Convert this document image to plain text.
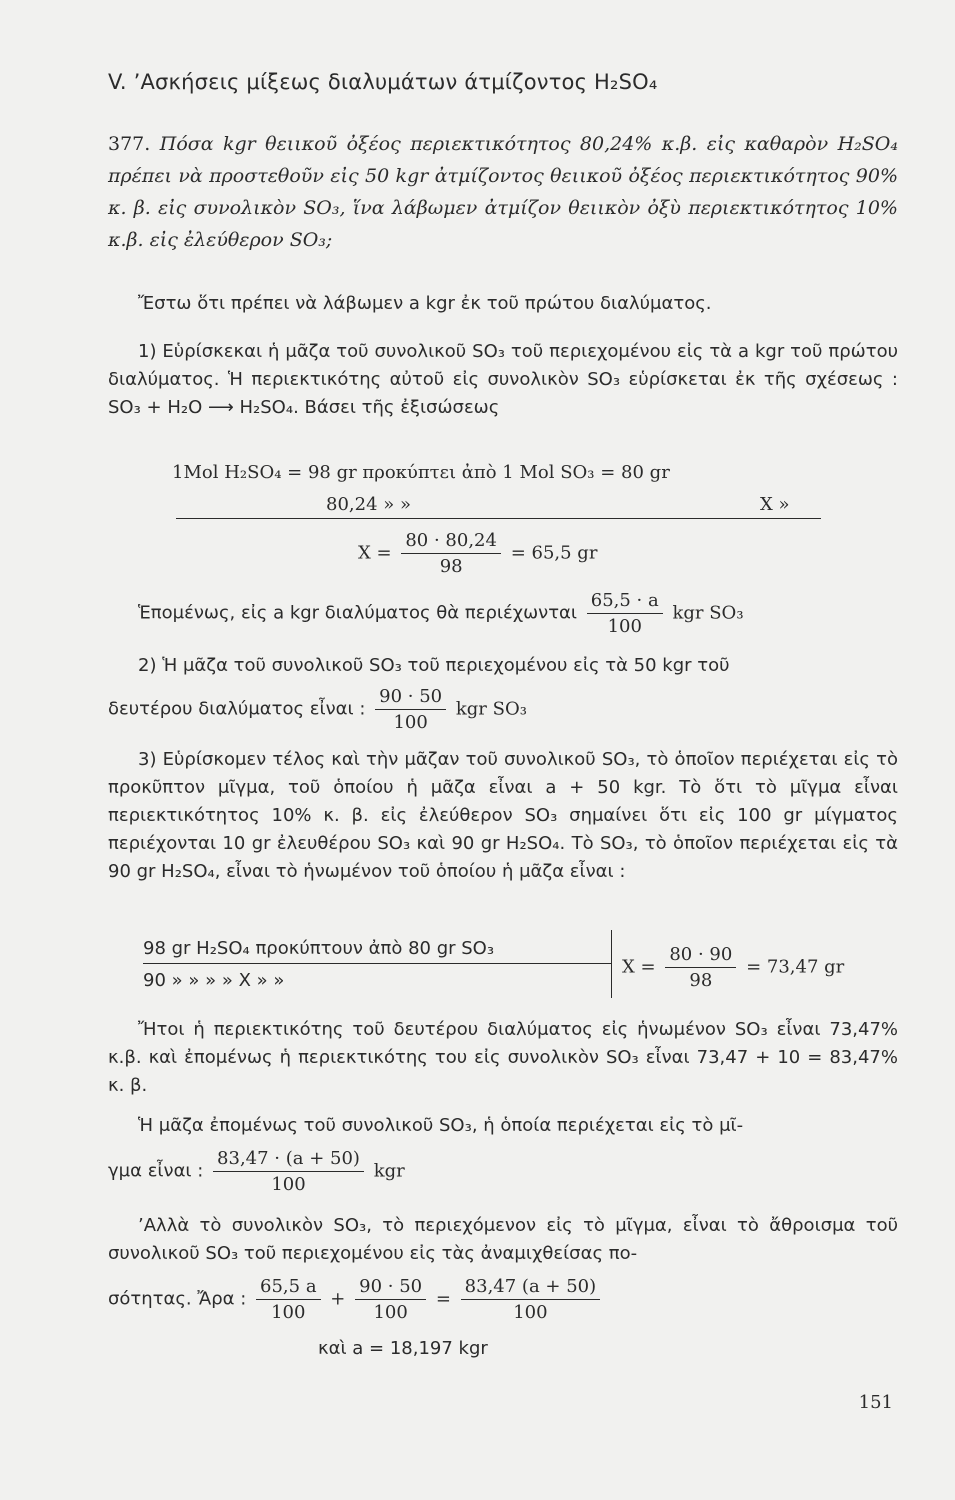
V. ’Ασκήσεις μίξεως διαλυμάτων άτμίζοντος H₂SO₄
377. Πόσα kgr θειικοῦ ὀξέος περιεκτικότητος 80,24% κ.β. εἰς καθαρὸν H₂SO₄ πρέπει νὰ προστεθοῦν εἰς 50 kgr ἀτμίζοντος θειικοῦ ὀξέος περιεκτικότητος 90% κ. β. εἰς συνολικὸν SO₃, ἵνα λάβωμεν ἀτμίζον θειικὸν ὀξὺ περιεκτικότητος 10% κ.β. εἰς ἐλεύθερον SO₃;
Ἔστω ὅτι πρέπει νὰ λάβωμεν a kgr ἐκ τοῦ πρώτου διαλύματος.
1) Εὑρίσκεκαι ἡ μᾶζα τοῦ συνολικοῦ SO₃ τοῦ περιεχομένου εἰς τὰ a kgr τοῦ πρώτου διαλύματος. Ἡ περιεκτικότης αὐτοῦ εἰς συνολικὸν SO₃ εὑρίσκεται ἐκ τῆς σχέσεως : SO₃ + H₂O ⟶ H₂SO₄. Βάσει τῆς ἐξισώσεως
1Mol H₂SO₄ = 98 gr προκύπτει ἀπὸ 1 Mol SO₃ = 80 gr
80,24 » »	X »
$X = \frac{80 \cdot 80,24}{98} = 65,5$ gr
Ἑπομένως, εἰς a kgr διαλύματος θὰ περιέχωνται $\frac{65,5 \cdot a}{100}$ kgr SO₃
2) Ἡ μᾶζα τοῦ συνολικοῦ SO₃ τοῦ περιεχομένου εἰς τὰ 50 kgr τοῦ
δευτέρου διαλύματος εἶναι : $\frac{90 \cdot 50}{100}$ kgr SO₃
3) Εὑρίσκομεν τέλος καὶ τὴν μᾶζαν τοῦ συνολικοῦ SO₃, τὸ ὁποῖον περιέχεται εἰς τὸ προκῦπτον μῖγμα, τοῦ ὁποίου ἡ μᾶζα εἶναι a + 50 kgr. Τὸ ὅτι τὸ μῖγμα εἶναι περιεκτικότητος 10% κ. β. εἰς ἐλεύθερον SO₃ σημαίνει ὅτι εἰς 100 gr μίγματος περιέχονται 10 gr ἐλευθέρου SO₃ καὶ 90 gr H₂SO₄. Τὸ SO₃, τὸ ὁποῖον περιέχεται εἰς τὰ 90 gr H₂SO₄, εἶναι τὸ ἡνωμένον τοῦ ὁποίου ἡ μᾶζα εἶναι :
98 gr H₂SO₄ προκύπτουν ἀπὸ 80 gr SO₃
90 » » » » X » »
$X = \frac{80 \cdot 90}{98} = 73,47$ gr
Ἤτοι ἡ περιεκτικότης τοῦ δευτέρου διαλύματος εἰς ἡνωμένον SO₃ εἶναι 73,47% κ.β. καὶ ἐπομένως ἡ περιεκτικότης του εἰς συνολικὸν SO₃ εἶναι 73,47 + 10 = 83,47% κ. β.
Ἡ μᾶζα ἐπομένως τοῦ συνολικοῦ SO₃, ἡ ὁποία περιέχεται εἰς τὸ μῖ-
γμα εἶναι : $\frac{83,47 \cdot (a + 50)}{100}$ kgr
’Αλλὰ τὸ συνολικὸν SO₃, τὸ περιεχόμενον εἰς τὸ μῖγμα, εἶναι τὸ ἄθροισμα τοῦ συνολικοῦ SO₃ τοῦ περιεχομένου εἰς τὰς ἀναμιχθείσας πο-
σότητας. Ἄρα : $\frac{65,5 a}{100} + \frac{90 \cdot 50}{100} = \frac{83,47 (a + 50)}{100}$
καὶ a = 18,197 kgr
151
